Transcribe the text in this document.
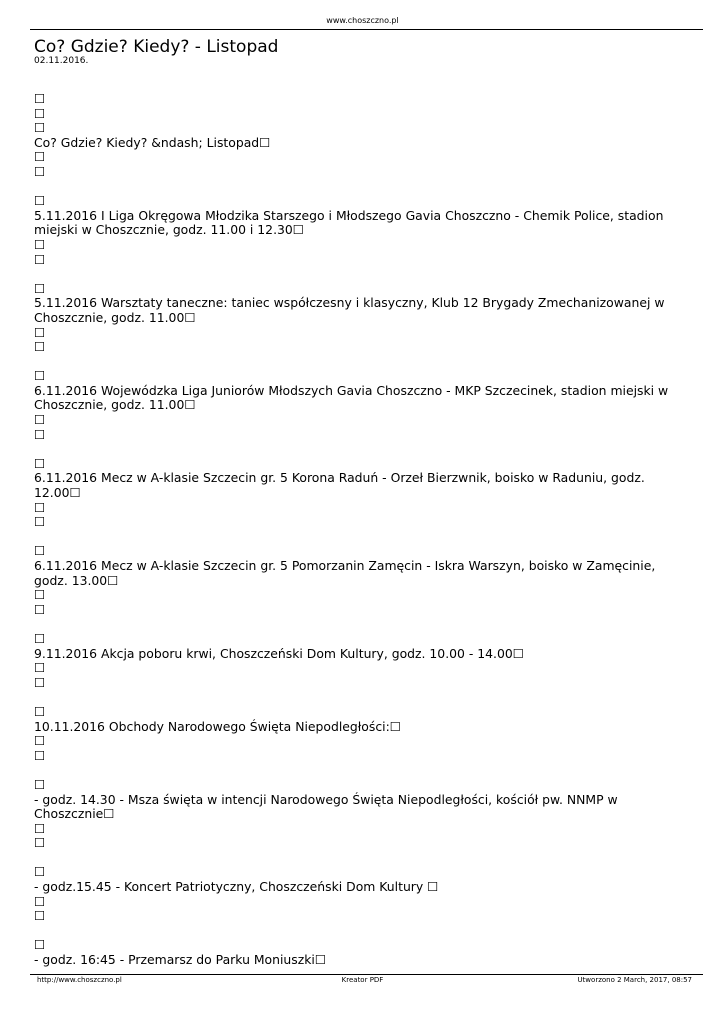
www.choszczno.pl
Co? Gdzie? Kiedy? - Listopad
02.11.2016.
☐
☐
☐
Co? Gdzie? Kiedy? &ndash; Listopad☐
☐
☐
☐
5.11.2016 I Liga Okręgowa Młodzika Starszego i Młodszego Gavia Choszczno - Chemik Police, stadion miejski w Choszcznie, godz. 11.00 i 12.30☐
☐
☐
☐
5.11.2016 Warsztaty taneczne: taniec współczesny i klasyczny, Klub 12 Brygady Zmechanizowanej w Choszcznie, godz. 11.00☐
☐
☐
☐
6.11.2016 Wojewódzka Liga Juniorów Młodszych Gavia Choszczno - MKP Szczecinek, stadion miejski w Choszcznie, godz. 11.00☐
☐
☐
☐
6.11.2016 Mecz w A-klasie Szczecin gr. 5 Korona Raduń - Orzeł Bierzwnik, boisko w Raduniu, godz. 12.00☐
☐
☐
☐
6.11.2016 Mecz w A-klasie Szczecin gr. 5 Pomorzanin Zamęcin - Iskra Warszyn, boisko w Zamęcinie, godz. 13.00☐
☐
☐
☐
9.11.2016 Akcja poboru krwi, Choszczeński Dom Kultury, godz. 10.00 - 14.00☐
☐
☐
☐
10.11.2016 Obchody Narodowego Święta Niepodległości:☐
☐
☐
☐
- godz. 14.30 - Msza święta w intencji Narodowego Święta Niepodległości, kościół pw. NNMP w Choszcznie☐
☐
☐
☐
- godz.15.45 - Koncert Patriotyczny, Choszczeński Dom Kultury ☐
☐
☐
☐
- godz. 16:45 - Przemarsz do Parku Moniuszki☐
http://www.choszczno.pl	Kreator PDF	Utworzono 2 March, 2017, 08:57
